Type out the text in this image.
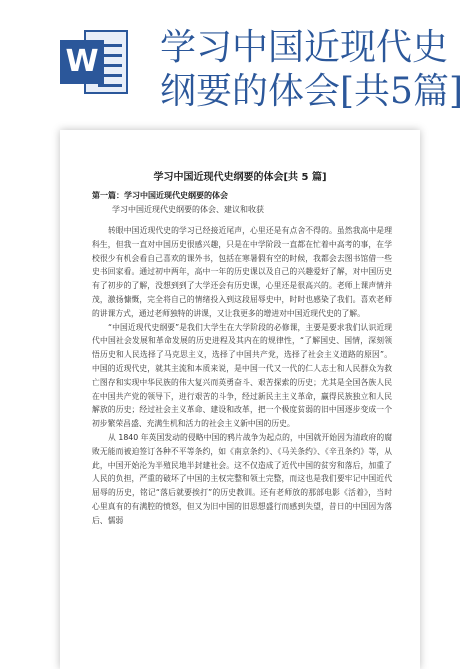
W 学习中国近现代史
纲要的体会[共5篇]
学习中国近现代史纲要的体会[共 5 篇]
第一篇：学习中国近现代史纲要的体会
学习中国近现代史纲要的体会、建议和收获

转眼中国近现代史的学习已经接近尾声，心里还是有点舍不得的。虽然我高中是理科生，但我一直对中国历史很感兴趣，只是在中学阶段一直都在忙着中高考的事，在学校很少有机会看自己喜欢的课外书，包括在寒暑假有空的时候，我都会去图书馆借一些史书回家看。通过初中两年，高中一年的历史课以及自己的兴趣爱好了解，对中国历史有了初步的了解，没想到到了大学还会有历史课，心里还是很高兴的。老师上课声情并茂，激扬慷慨，完全将自己的情绪投入到这段屈辱史中，时时也感染了我们。喜欢老师的讲课方式，通过老师独特的讲课，又让我更多的增进对中国近现代史的了解。

“中国近现代史纲要”是我们大学生在大学阶段的必修课，主要是要求我们认识近现代中国社会发展和革命发展的历史进程及其内在的规律性，“了解国史、国情，深刻领悟历史和人民选择了马克思主义，选择了中国共产党，选择了社会主义道路的原因”。中国的近现代史，就其主流和本质来说，是中国一代又一代的仁人志士和人民群众为救亡图存和实现中华民族的伟大复兴而英勇奋斗、艰苦探索的历史；尤其是全国各族人民在中国共产党的领导下，进行艰苦的斗争，经过新民主主义革命，赢得民族独立和人民解放的历史；经过社会主义革命、建设和改革，把一个极度贫弱的旧中国逐步变成一个初步繁荣昌盛、充满生机和活力的社会主义新中国的历史。

从 1840 年英国发动的侵略中国的鸦片战争为起点的，中国就开始因为清政府的腐败无能而被迫签订各种不平等条约，如《南京条约》、《马关条约》、《辛丑条约》等，从此，中国开始沦为半殖民地半封建社会。这不仅造成了近代中国的贫穷和落后，加重了人民的负担，严重的破坏了中国的主权完整和领土完整，而这也是我们要牢记中国近代屈辱的历史，铭记“落后就要挨打”的历史教训。还有老师放的那部电影《活着》，当时心里真有的有满腔的愤怒，但又为旧中国的旧思想盛行而感到失望，昔日的中国因为落后、懦弱
